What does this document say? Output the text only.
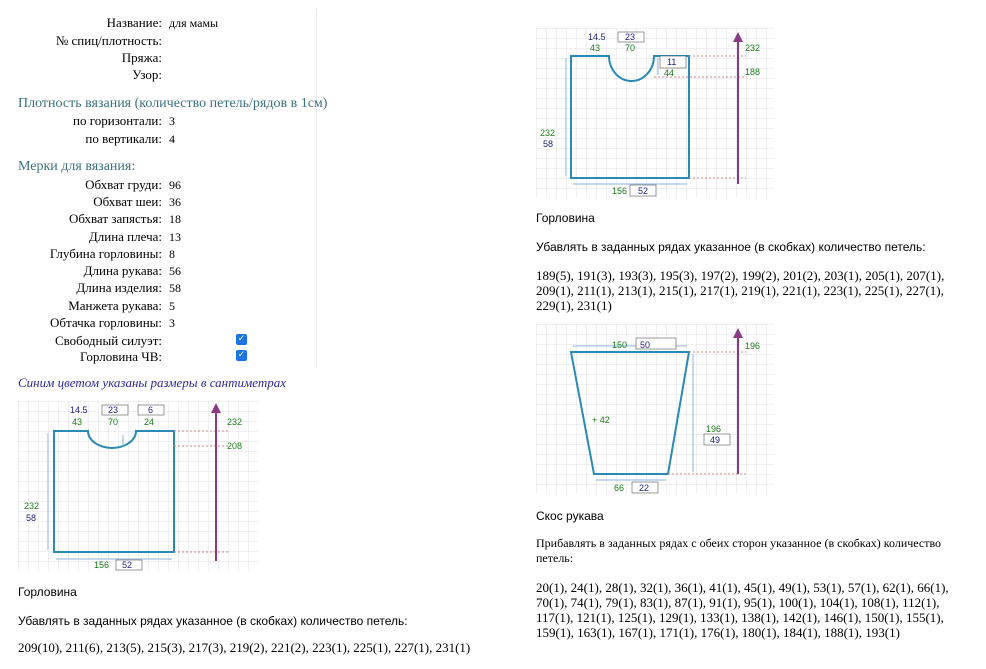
Название: для мамы
№ спиц/плотность:
Пряжа:
Узор:
Плотность вязания (количество петель/рядов в 1см)
по горизонтали: 3
по вертикали: 4
Мерки для вязания:
Обхват груди: 96
Обхват шеи: 36
Обхват запястья: 18
Длина плеча: 13
Глубина горловины: 8
Длина рукава: 56
Длина изделия: 58
Манжета рукава: 5
Обтачка горловины: 3
Свободный силуэт:	✓
Горловина ЧВ:	✓
Синим цветом указаны размеры в сантиметрах
14.5 23	6
43	70	24	232
208
232
58
156 52
Горловина
Убавлять в заданных рядах указанное (в скобках) количество петель:
209(10), 211(6), 213(5), 215(3), 217(3), 219(2), 221(2), 223(1), 225(1), 227(1), 231(1)
14.5 23
43	70
11
44
232
188
232
58
156 52
Горловина
Убавлять в заданных рядах указанное (в скобках) количество петель:
189(5), 191(3), 193(3), 195(3), 197(2), 199(2), 201(2), 203(1), 205(1), 207(1), 209(1), 211(1), 213(1), 215(1), 217(1), 219(1), 221(1), 223(1), 225(1), 227(1), 229(1), 231(1)
150 50	196
+ 42
196
49
66 22
Скос рукава
Прибавлять в заданных рядах с обеих сторон указанное (в скобках) количество петель:
20(1), 24(1), 28(1), 32(1), 36(1), 41(1), 45(1), 49(1), 53(1), 57(1), 62(1), 66(1), 70(1), 74(1), 79(1), 83(1), 87(1), 91(1), 95(1), 100(1), 104(1), 108(1), 112(1), 117(1), 121(1), 125(1), 129(1), 133(1), 138(1), 142(1), 146(1), 150(1), 155(1), 159(1), 163(1), 167(1), 171(1), 176(1), 180(1), 184(1), 188(1), 193(1)
